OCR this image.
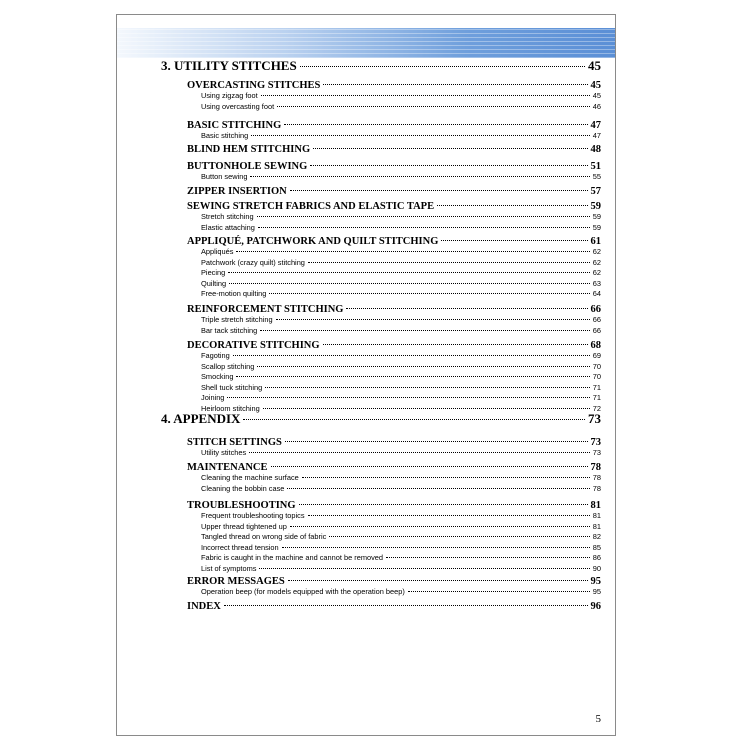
3. UTILITY STITCHES	45
OVERCASTING STITCHES	45
Using zigzag foot	45
Using overcasting foot	46
BASIC STITCHING	47
Basic stitching	47
BLIND HEM STITCHING	48
BUTTONHOLE SEWING	51
Button sewing	55
ZIPPER INSERTION	57
SEWING STRETCH FABRICS AND ELASTIC TAPE	59
Stretch stitching	59
Elastic attaching	59
APPLIQUÉ, PATCHWORK AND QUILT STITCHING	61
Appliqués	62
Patchwork (crazy quilt) stitching	62
Piecing	62
Quilting	63
Free-motion quilting	64
REINFORCEMENT STITCHING	66
Triple stretch stitching	66
Bar tack stitching	66
DECORATIVE STITCHING	68
Fagoting	69
Scallop stitching	70
Smocking	70
Shell tuck stitching	71
Joining	71
Heirloom stitching	72
4. APPENDIX	73
STITCH SETTINGS	73
Utility stitches	73
MAINTENANCE	78
Cleaning the machine surface	78
Cleaning the bobbin case	78
TROUBLESHOOTING	81
Frequent troubleshooting topics	81
Upper thread tightened up	81
Tangled thread on wrong side of fabric	82
Incorrect thread tension	85
Fabric is caught in the machine and cannot be removed	86
List of symptoms	90
ERROR MESSAGES	95
Operation beep (for models equipped with the operation beep)	95
INDEX	96
5
